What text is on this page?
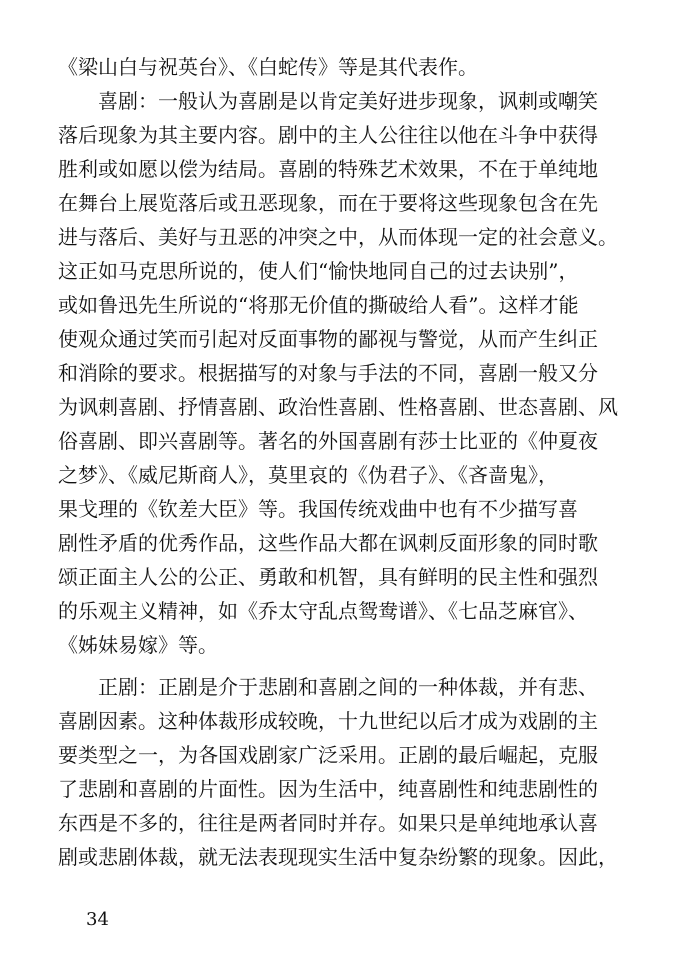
《梁山白与祝英台》、《白蛇传》等是其代表作。
　　喜剧：一般认为喜剧是以肯定美好进步现象，讽刺或嘲笑
落后现象为其主要内容。剧中的主人公往往以他在斗争中获得
胜利或如愿以偿为结局。喜剧的特殊艺术效果，不在于单纯地
在舞台上展览落后或丑恶现象，而在于要将这些现象包含在先
进与落后、美好与丑恶的冲突之中，从而体现一定的社会意义。
这正如马克思所说的，使人们“愉快地同自己的过去诀别”，
或如鲁迅先生所说的“将那无价值的撕破给人看”。这样才能
使观众通过笑而引起对反面事物的鄙视与警觉，从而产生纠正
和消除的要求。根据描写的对象与手法的不同，喜剧一般又分
为讽刺喜剧、抒情喜剧、政治性喜剧、性格喜剧、世态喜剧、风
俗喜剧、即兴喜剧等。著名的外国喜剧有莎士比亚的《仲夏夜
之梦》、《威尼斯商人》，莫里哀的《伪君子》、《吝啬鬼》，
果戈理的《钦差大臣》等。我国传统戏曲中也有不少描写喜
剧性矛盾的优秀作品，这些作品大都在讽刺反面形象的同时歌
颂正面主人公的公正、勇敢和机智，具有鲜明的民主性和强烈
的乐观主义精神，如《乔太守乱点鸳鸯谱》、《七品芝麻官》、
《姊妹易嫁》等。
　　正剧：正剧是介于悲剧和喜剧之间的一种体裁，并有悲、
喜剧因素。这种体裁形成较晚，十九世纪以后才成为戏剧的主
要类型之一，为各国戏剧家广泛采用。正剧的最后崛起，克服
了悲剧和喜剧的片面性。因为生活中，纯喜剧性和纯悲剧性的
东西是不多的，往往是两者同时并存。如果只是单纯地承认喜
剧或悲剧体裁，就无法表现现实生活中复杂纷繁的现象。因此，
34
